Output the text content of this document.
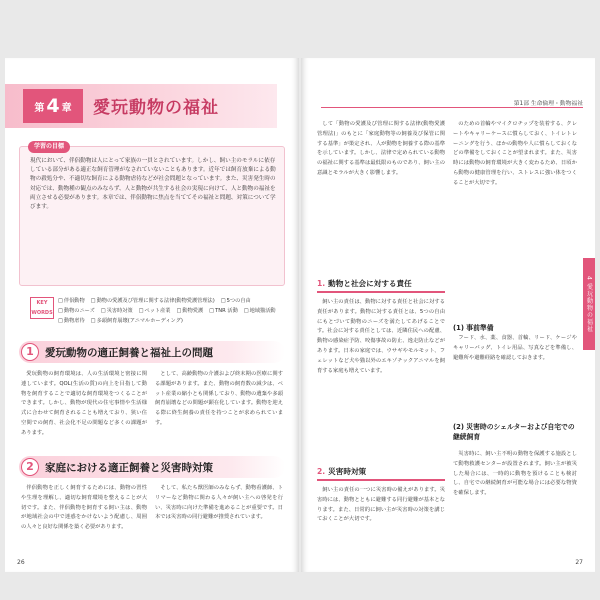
第 4 章 愛玩動物の福祉
学習の目標
現代において、伴侶動物は人にとって家族の一員とされています。しかし、飼い主のモラルに依存している部分がある適正な飼育管理がなされていないこともあります。近年では飼育放棄による動物の殺処分や、不適切な飼育による動物虐待などが社会問題となっています。また、災害発生時の対応では、動物種の観点のみならず、人と動物が共生する社会の実現に向けて、人と動物の福祉を両立させる必要があります。本章では、伴侶動物に焦点を当ててその福祉と問題、対策について学びます。
KEY WORDS
□ 伴侶動物	□ 動物の愛護及び管理に関する法律(動物愛護管理法)	□ 5つの自由
□ 動物のニーズ	□ 災害時対策	□ ペット産業	□ 動物愛護	□ TNR 活動	□ 地域猫活動
□ 動物虐待	□ 多頭飼育崩壊(アニマルホーディング)
1	愛玩動物の適正飼養と福祉上の問題

愛玩動物の飼育環境は、人の生活環境と密接に関連しています。QOL(生活の質)の向上を目指して動物を飼育することで適切な飼育環境をつくることができます。しかし、動物が現代の住宅事情や生活様式に合わせて飼育されることも増えており、狭い住空間での飼育、社会化不足の問題など多くの課題があります。

として、高齢動物の介護および終末期の医療に関する課題があります。また、動物の飼育数の減少は、ペット産業の縮小とも関係しており、動物の遺棄や多頭飼育崩壊などの問題が顕在化しています。動物を迎える際に終生飼養の責任を持つことが求められています。

2	家庭における適正飼養と災害時対策

伴侶動物を正しく飼育するためには、動物の習性や生理を理解し、適切な飼育環境を整えることが大切です。また、伴侶動物を飼育する飼い主は、動物が地域社会の中で迷惑をかけないよう配慮し、周囲の人々と良好な関係を築く必要があります。

そして、私たち獣医師のみならず、動物看護師、トリマーなど動物に関わる人々が飼い主への啓発を行い、災害時に向けた準備を進めることが重要です。日本では災害時の同行避難が推奨されています。

26
第1部 生命倫理・動物福祉
4 愛玩動物の福祉

して「動物の愛護及び管理に関する法律(動物愛護管理法)」のもとに「家庭動物等の飼養及び保管に関する基準」が策定され、人が動物を飼養する際の基準を示しています。しかし、法律で定められている動物の福祉に関する基準は最低限のものであり、飼い主の意識とモラルが大きく影響します。

1. 動物と社会に対する責任

飼い主の責任は、動物に対する責任と社会に対する責任があります。動物に対する責任とは、5つの自由にもとづいて動物のニーズを満たしてあげることです。社会に対する責任としては、近隣住民への配慮、動物の感染症予防、咬傷事故の防止、逸走防止などがあります。日本の家庭では、ウサギやモルモット、フェレットなど犬や猫以外のエキゾチックアニマルを飼育する家庭も増えています。

2. 災害時対策

飼い主の責任の一つに災害時の備えがあります。災害時には、動物とともに避難する同行避難が基本となります。また、日常的に飼い主が災害時の対策を講じておくことが大切です。

のための首輪やマイクロチップを装着する、クレートやキャリーケースに慣らしておく、トイレトレーニングを行う、ほかの動物や人に慣らしておくなどの準備をしておくことが望まれます。また、災害時には動物の飼育環境が大きく変わるため、日頃から動物の健康管理を行い、ストレスに強い体をつくることが大切です。

(1) 事前準備

フード、水、薬、食器、首輪、リード、ケージやキャリーバッグ、トイレ用品、写真などを準備し、避難所や避難経路を確認しておきます。

(2) 災害時のシェルターおよび自宅での継続飼育

災害時に、飼い主不明の動物を保護する施設として動物救護センターが設置されます。飼い主が被災した場合には、一時的に動物を預けることも検討し、自宅での継続飼育が可能な場合には必要な物資を確保します。

27
